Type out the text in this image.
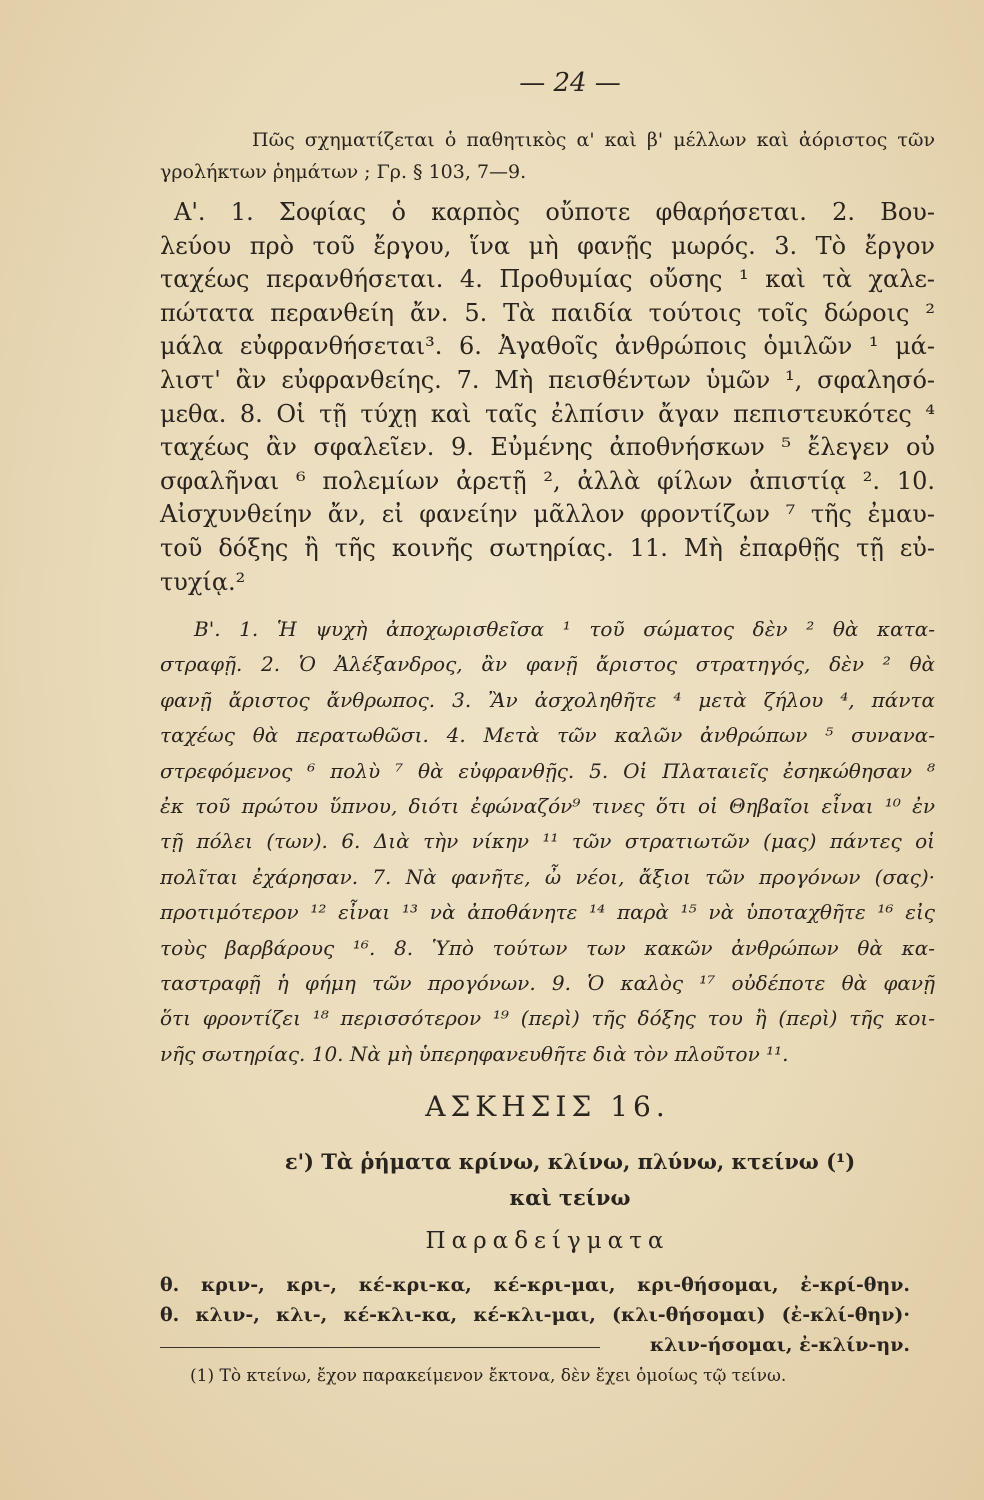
— 24 —
Πῶς σχηματίζεται ὁ παθητικὸς α' καὶ β' μέλλων καὶ ἀόριστος τῶν
γρολήκτων ῥημάτων ; Γρ. § 103, 7—9.
Α'. 1. Σοφίας ὁ καρπὸς οὔποτε φθαρήσεται. 2. Βου-
λεύου πρὸ τοῦ ἔργου, ἵνα μὴ φανῇς μωρός. 3. Τὸ ἔργον
ταχέως περανθήσεται. 4. Προθυμίας οὔσης ¹ καὶ τὰ χαλε-
πώτατα περανθείη ἄν. 5. Τὰ παιδία τούτοις τοῖς δώροις ²
μάλα εὐφρανθήσεται³. 6. Ἀγαθοῖς ἀνθρώποις ὁμιλῶν ¹ μά-
λιστ' ἂν εὐφρανθείης. 7. Μὴ πεισθέντων ὑμῶν ¹, σφαλησό-
μεθα. 8. Οἱ τῇ τύχῃ καὶ ταῖς ἐλπίσιν ἄγαν πεπιστευκότες ⁴
ταχέως ἂν σφαλεῖεν. 9. Εὐμένης ἀποθνήσκων ⁵ ἔλεγεν οὐ
σφαλῆναι ⁶ πολεμίων ἀρετῇ ², ἀλλὰ φίλων ἀπιστίᾳ ². 10.
Αἰσχυνθείην ἄν, εἰ φανείην μᾶλλον φροντίζων ⁷ τῆς ἐμαυ-
τοῦ δόξης ἢ τῆς κοινῆς σωτηρίας. 11. Μὴ ἐπαρθῇς τῇ εὐ-
τυχίᾳ.²
Β'. 1. Ἡ ψυχὴ ἀποχωρισθεῖσα ¹ τοῦ σώματος δὲν ² θὰ κατα-
στραφῇ. 2. Ὁ Ἀλέξανδρος, ἂν φανῇ ἄριστος στρατηγός, δὲν ² θὰ
φανῇ ἄριστος ἄνθρωπος. 3. Ἂν ἀσχοληθῆτε ⁴ μετὰ ζήλου ⁴, πάντα
ταχέως θὰ περατωθῶσι. 4. Μετὰ τῶν καλῶν ἀνθρώπων ⁵ συνανα-
στρεφόμενος ⁶ πολὺ ⁷ θὰ εὐφρανθῇς. 5. Οἱ Πλαταιεῖς ἐσηκώθησαν ⁸
ἐκ τοῦ πρώτου ὕπνου, διότι ἐφώναζόν⁹ τινες ὅτι οἱ Θηβαῖοι εἶναι ¹⁰ ἐν
τῇ πόλει (των). 6. Διὰ τὴν νίκην ¹¹ τῶν στρατιωτῶν (μας) πάντες οἱ
πολῖται ἐχάρησαν. 7. Νὰ φανῆτε, ὦ νέοι, ἄξιοι τῶν προγόνων (σας)·
προτιμότερον ¹² εἶναι ¹³ νὰ ἀποθάνητε ¹⁴ παρὰ ¹⁵ νὰ ὑποταχθῆτε ¹⁶ εἰς
τοὺς βαρβάρους ¹⁶. 8. Ὑπὸ τούτων των κακῶν ἀνθρώπων θὰ κα-
ταστραφῇ ἡ φήμη τῶν προγόνων. 9. Ὁ καλὸς ¹⁷ οὐδέποτε θὰ φανῇ
ὅτι φροντίζει ¹⁸ περισσότερον ¹⁹ (περὶ) τῆς δόξης του ἢ (περὶ) τῆς κοι-
νῆς σωτηρίας. 10. Νὰ μὴ ὑπερηφανευθῆτε διὰ τὸν πλοῦτον ¹¹.
ΑΣΚΗΣΙΣ 16.
ε') Τὰ ῥήματα κρίνω, κλίνω, πλύνω, κτείνω (¹)
καὶ τείνω
Παραδείγματα
θ. κριν-, κρι-, κέ-κρι-κα, κέ-κρι-μαι, κρι-θήσομαι, ἐ-κρί-θην.
θ. κλιν-, κλι-, κέ-κλι-κα, κέ-κλι-μαι, (κλι-θήσομαι) (ἐ-κλί-θην)·
κλιν-ήσομαι, ἐ-κλίν-ην.
(1) Τὸ κτείνω, ἔχον παρακείμενον ἔκτονα, δὲν ἔχει ὁμοίως τῷ τείνω.
